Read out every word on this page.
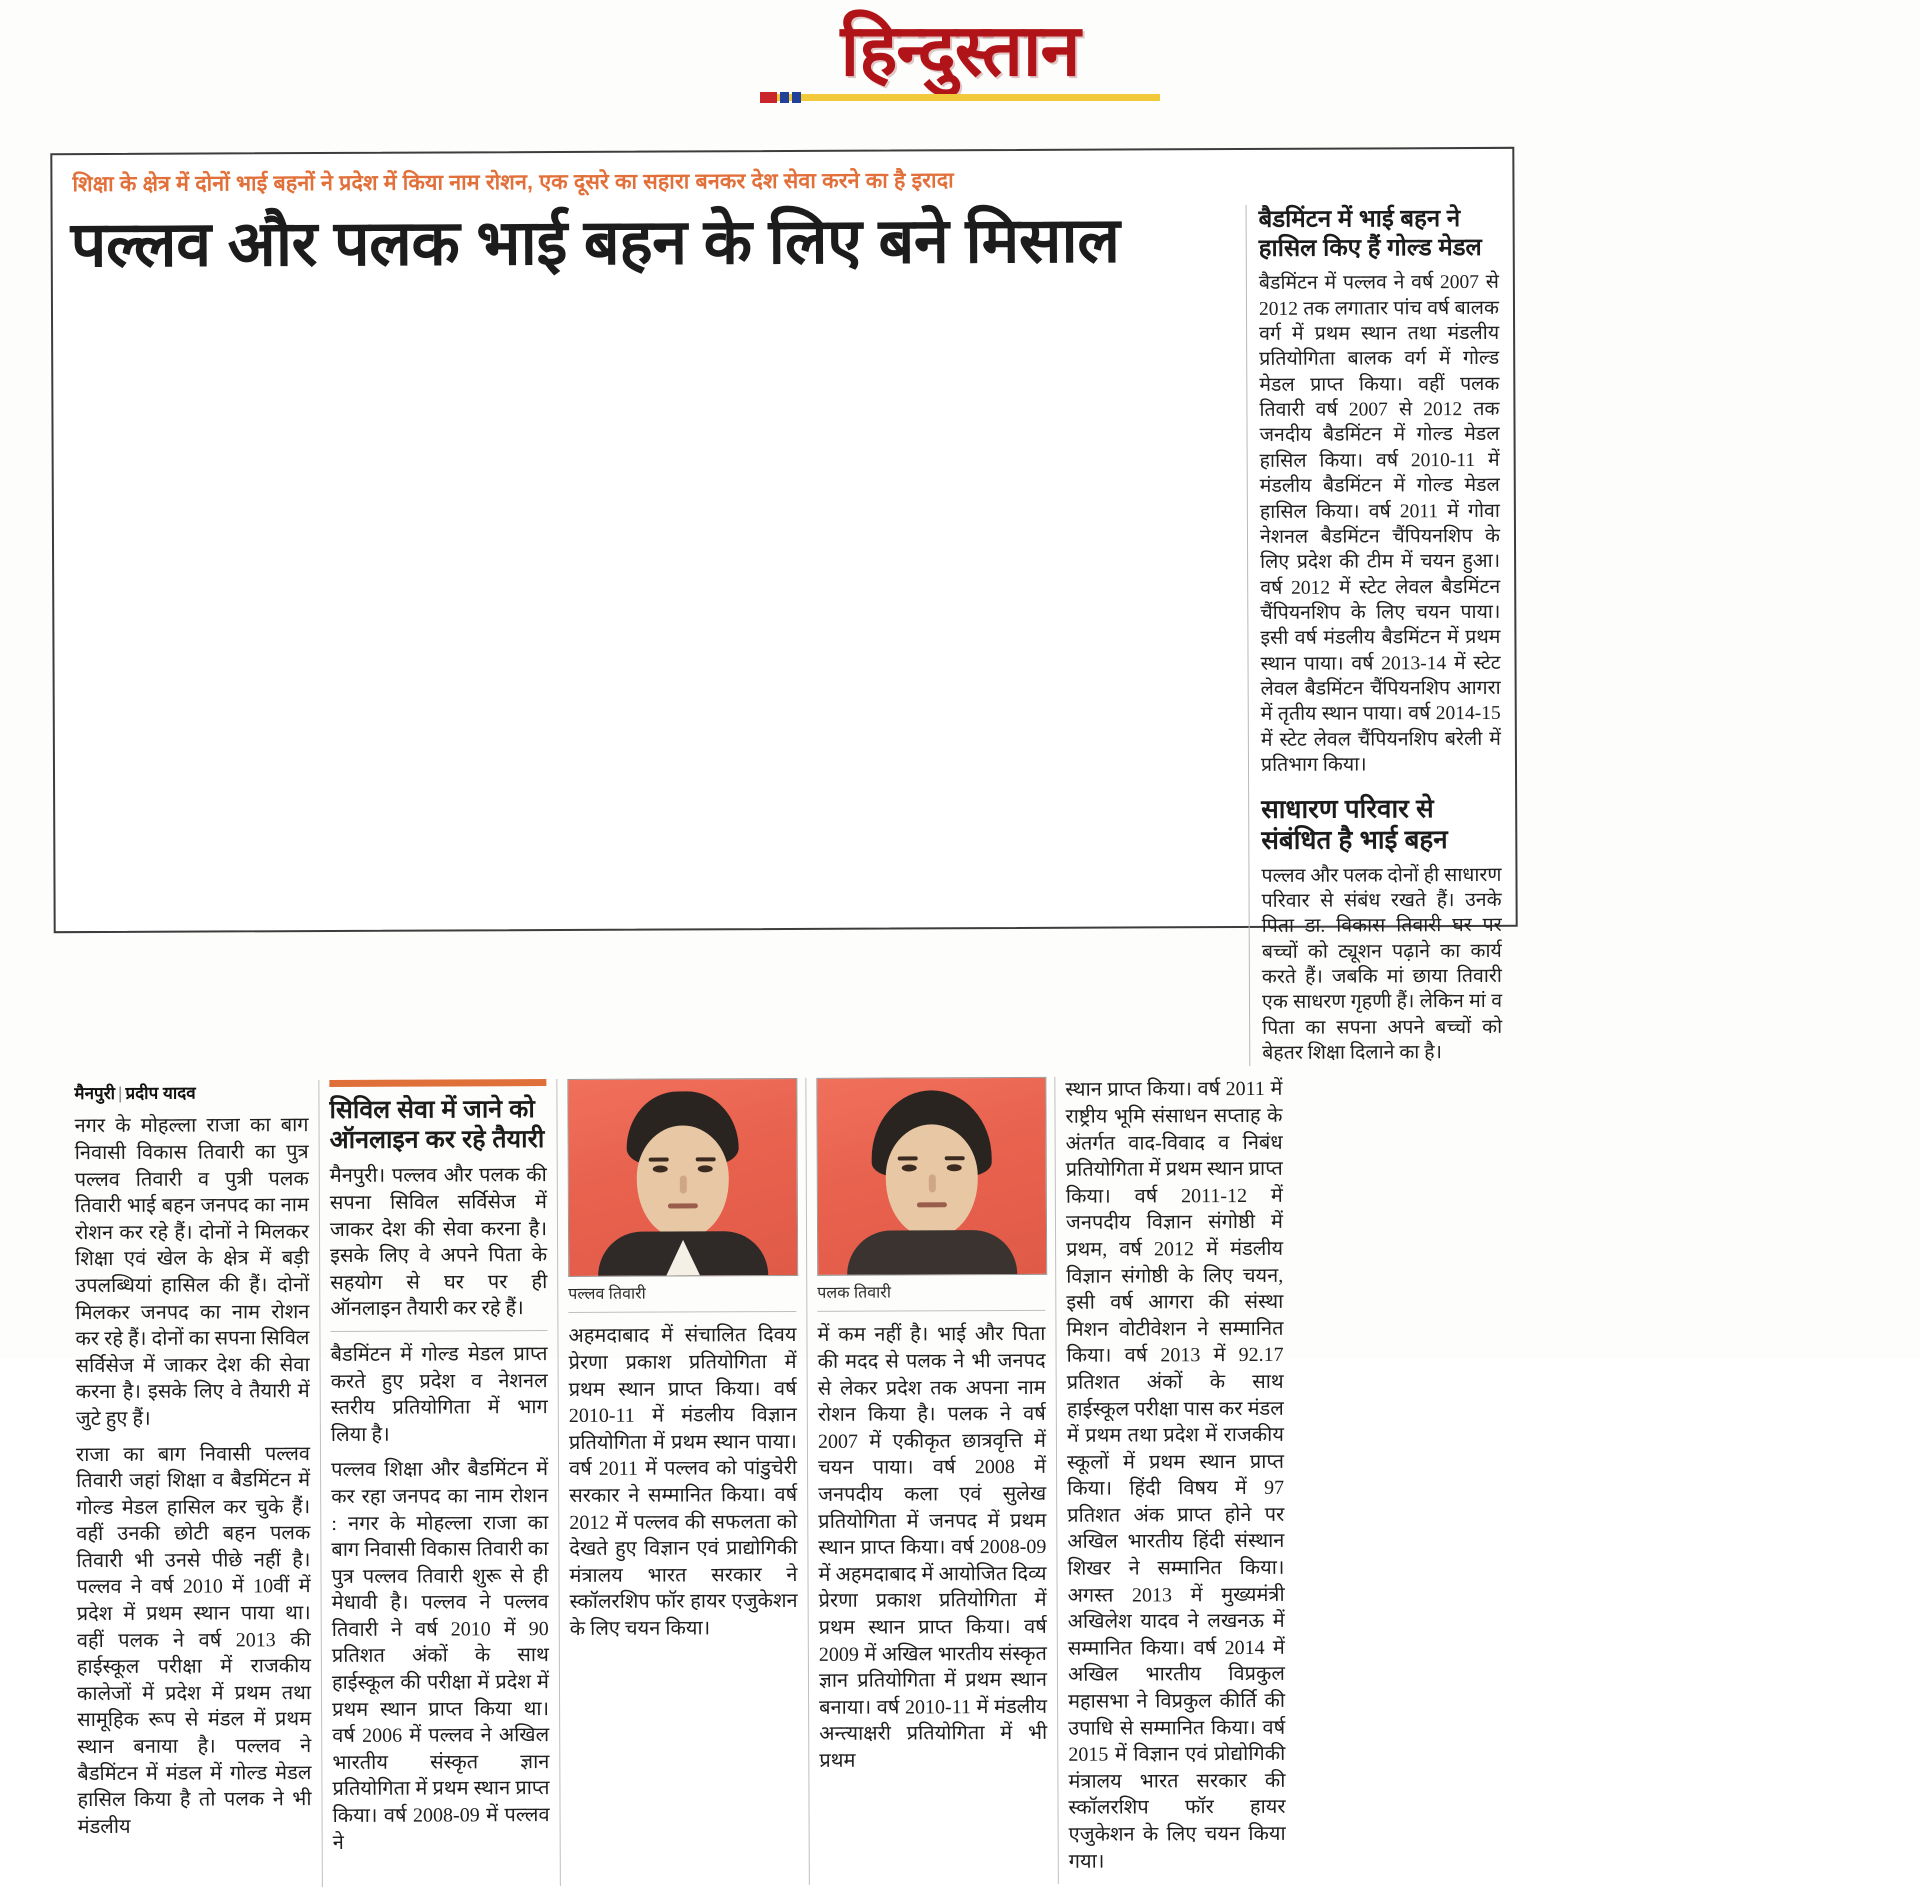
हिन्दुस्तान
शिक्षा के क्षेत्र में दोनों भाई बहनों ने प्रदेश में किया नाम रोशन, एक दूसरे का सहारा बनकर देश सेवा करने का है इरादा
पल्लव और पलक भाई बहन के लिए बने मिसाल	बैडमिंटन में भाई बहन ने हासिल किए हैं गोल्ड मेडल
बैडमिंटन में पल्लव ने वर्ष 2007 से 2012 तक लगातार पांच वर्ष बालक वर्ग में प्रथम स्थान तथा मंडलीय प्रतियोगिता बालक वर्ग में गोल्ड मेडल प्राप्त किया। वहीं पलक तिवारी वर्ष 2007 से 2012 तक जनदीय बैडमिंटन में गोल्ड मेडल हासिल किया। वर्ष 2010-11 में मंडलीय बैडमिंटन में गोल्ड मेडल हासिल किया। वर्ष 2011 में गोवा नेशनल बैडमिंटन चैंपियनशिप के लिए प्रदेश की टीम में चयन हुआ। वर्ष 2012 में स्टेट लेवल बैडमिंटन चैंपियनशिप के लिए चयन पाया। इसी वर्ष मंडलीय बैडमिंटन में प्रथम स्थान पाया। वर्ष 2013-14 में स्टेट लेवल बैडमिंटन चैंपियनशिप आगरा में तृतीय स्थान पाया। वर्ष 2014-15 में स्टेट लेवल चैंपियनशिप बरेली में प्रतिभाग किया।
साधारण परिवार से संबंधित है भाई बहन
पल्लव और पलक दोनों ही साधारण परिवार से संबंध रखते हैं। उनके पिता डा. विकास तिवारी घर पर बच्चों को ट्यूशन पढ़ाने का कार्य करते हैं। जबकि मां छाया तिवारी एक साधरण गृहणी हैं। लेकिन मां व पिता का सपना अपने बच्चों को बेहतर शिक्षा दिलाने का है।
मैनपुरी | प्रदीप यादव

नगर के मोहल्ला राजा का बाग निवासी विकास तिवारी का पुत्र पल्लव तिवारी व पुत्री पलक तिवारी भाई बहन जनपद का नाम रोशन कर रहे हैं। दोनों ने मिलकर शिक्षा एवं खेल के क्षेत्र में बड़ी उपलब्धियां हासिल की हैं। दोनों मिलकर जनपद का नाम रोशन कर रहे हैं। दोनों का सपना सिविल सर्विसेज में जाकर देश की सेवा करना है। इसके लिए वे तैयारी में जुटे हुए हैं।

राजा का बाग निवासी पल्लव तिवारी जहां शिक्षा व बैडमिंटन में गोल्ड मेडल हासिल कर चुके हैं। वहीं उनकी छोटी बहन पलक तिवारी भी उनसे पीछे नहीं है। पल्लव ने वर्ष 2010 में 10वीं में प्रदेश में प्रथम स्थान पाया था। वहीं पलक ने वर्ष 2013 की हाईस्कूल परीक्षा में राजकीय कालेजों में प्रदेश में प्रथम तथा सामूहिक रूप से मंडल में प्रथम स्थान बनाया है। पल्लव ने बैडमिंटन में मंडल में गोल्ड मेडल हासिल किया है तो पलक ने भी मंडलीय

सिविल सेवा में जाने को ऑनलाइन कर रहे तैयारी
मैनपुरी। पल्लव और पलक की सपना सिविल सर्विसेज में जाकर देश की सेवा करना है। इसके लिए वे अपने पिता के सहयोग से घर पर ही ऑनलाइन तैयारी कर रहे हैं।

बैडमिंटन में गोल्ड मेडल प्राप्त करते हुए प्रदेश व नेशनल स्तरीय प्रतियोगिता में भाग लिया है।

पल्लव शिक्षा और बैडमिंटन में कर रहा जनपद का नाम रोशन : नगर के मोहल्ला राजा का बाग निवासी विकास तिवारी का पुत्र पल्लव तिवारी शुरू से ही मेधावी है। पल्लव ने पल्लव तिवारी ने वर्ष 2010 में 90 प्रतिशत अंकों के साथ हाईस्कूल की परीक्षा में प्रदेश में प्रथम स्थान प्राप्त किया था। वर्ष 2006 में पल्लव ने अखिल भारतीय संस्कृत ज्ञान प्रतियोगिता में प्रथम स्थान प्राप्त किया। वर्ष 2008-09 में पल्लव ने

पल्लव तिवारी

अहमदाबाद में संचालित दिवय प्रेरणा प्रकाश प्रतियोगिता में प्रथम स्थान प्राप्त किया। वर्ष 2010-11 में मंडलीय विज्ञान प्रतियोगिता में प्रथम स्थान पाया। वर्ष 2011 में पल्लव को पांडुचेरी सरकार ने सम्मानित किया। वर्ष 2012 में पल्लव की सफलता को देखते हुए विज्ञान एवं प्राद्योगिकी मंत्रालय भारत सरकार ने स्कॉलरशिप फॉर हायर एजुकेशन के लिए चयन किया।

पलक तिवारी

में कम नहीं है। भाई और पिता की मदद से पलक ने भी जनपद से लेकर प्रदेश तक अपना नाम रोशन किया है। पलक ने वर्ष 2007 में एकीकृत छात्रवृत्ति में चयन पाया। वर्ष 2008 में जनपदीय कला एवं सुलेख प्रतियोगिता में जनपद में प्रथम स्थान प्राप्त किया। वर्ष 2008-09 में अहमदाबाद में आयोजित दिव्य प्रेरणा प्रकाश प्रतियोगिता में प्रथम स्थान प्राप्त किया। वर्ष 2009 में अखिल भारतीय संस्कृत ज्ञान प्रतियोगिता में प्रथम स्थान बनाया। वर्ष 2010-11 में मंडलीय अन्त्याक्षरी प्रतियोगिता में भी प्रथम

स्थान प्राप्त किया। वर्ष 2011 में राष्ट्रीय भूमि संसाधन सप्ताह के अंतर्गत वाद-विवाद व निबंध प्रतियोगिता में प्रथम स्थान प्राप्त किया। वर्ष 2011-12 में जनपदीय विज्ञान संगोष्ठी में प्रथम, वर्ष 2012 में मंडलीय विज्ञान संगोष्ठी के लिए चयन, इसी वर्ष आगरा की संस्था मिशन वोटीवेशन ने सम्मानित किया। वर्ष 2013 में 92.17 प्रतिशत अंकों के साथ हाईस्कूल परीक्षा पास कर मंडल में प्रथम तथा प्रदेश में राजकीय स्कूलों में प्रथम स्थान प्राप्त किया। हिंदी विषय में 97 प्रतिशत अंक प्राप्त होने पर अखिल भारतीय हिंदी संस्थान शिखर ने सम्मानित किया। अगस्त 2013 में मुख्यमंत्री अखिलेश यादव ने लखनऊ में सम्मानित किया। वर्ष 2014 में अखिल भारतीय विप्रकुल महासभा ने विप्रकुल कीर्ति की उपाधि से सम्मानित किया। वर्ष 2015 में विज्ञान एवं प्रोद्योगिकी मंत्रालय भारत सरकार की स्कॉलरशिप फॉर हायर एजुकेशन के लिए चयन किया गया।
